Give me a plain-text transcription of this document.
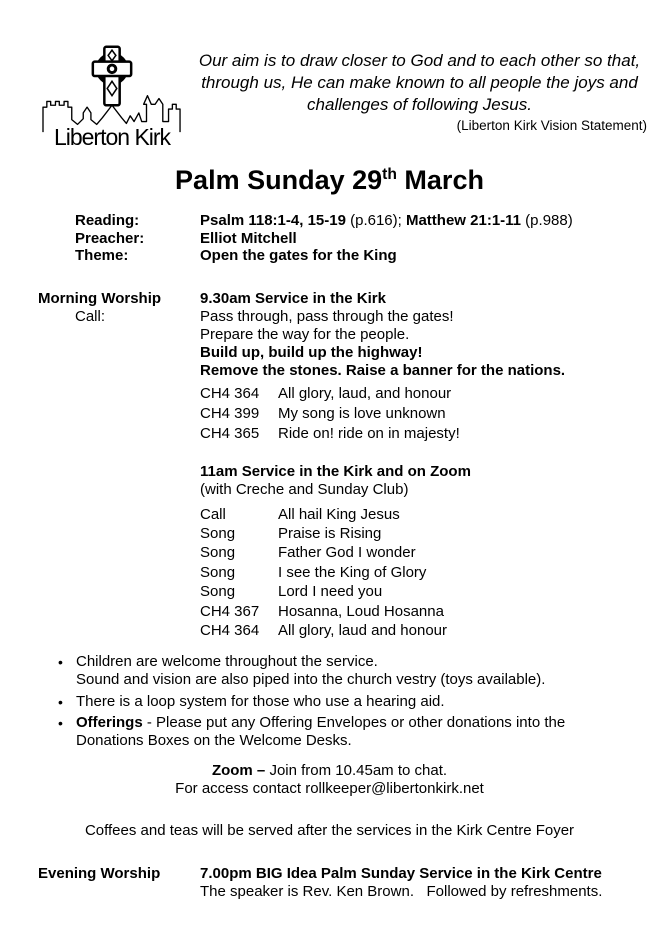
Liberton Kirk
Our aim is to draw closer to God and to each other so that, through us, He can make known to all people the joys and challenges of following Jesus.
(Liberton Kirk Vision Statement)
Palm Sunday 29th March
Reading:	Psalm 118:1-4, 15-19 (p.616); Matthew 21:1-11 (p.988)
Preacher:	Elliot Mitchell
Theme:	Open the gates for the King
Morning Worship	9.30am Service in the Kirk
Call:	Pass through, pass through the gates!
Prepare the way for the people.
Build up, build up the highway!
Remove the stones. Raise a banner for the nations.
CH4 364	All glory, laud, and honour
CH4 399	My song is love unknown
CH4 365	Ride on! ride on in majesty!
11am Service in the Kirk and on Zoom
(with Creche and Sunday Club)
Call	All hail King Jesus
Song	Praise is Rising
Song	Father God I wonder
Song	I see the King of Glory
Song	Lord I need you
CH4 367	Hosanna, Loud Hosanna
CH4 364	All glory, laud and honour
• Children are welcome throughout the service.
Sound and vision are also piped into the church vestry (toys available).
• There is a loop system for those who use a hearing aid.
• Offerings - Please put any Offering Envelopes or other donations into the Donations Boxes on the Welcome Desks.
Zoom – Join from 10.45am to chat.
For access contact rollkeeper@libertonkirk.net
Coffees and teas will be served after the services in the Kirk Centre Foyer
Evening Worship	7.00pm BIG Idea Palm Sunday Service in the Kirk Centre
The speaker is Rev. Ken Brown.   Followed by refreshments.
